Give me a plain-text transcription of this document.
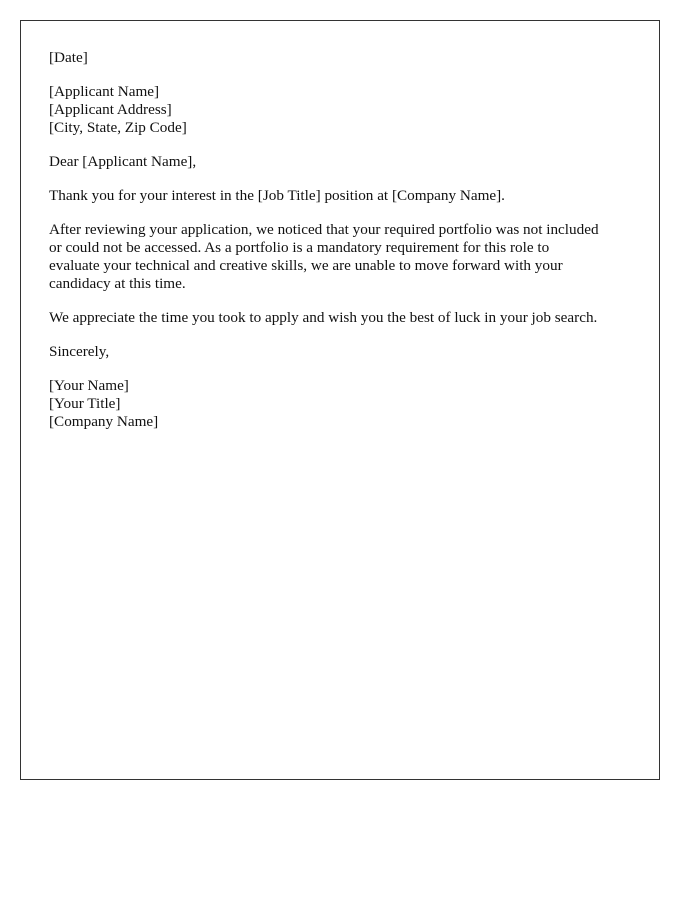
[Date]

[Applicant Name]
[Applicant Address]
[City, State, Zip Code]

Dear [Applicant Name],

Thank you for your interest in the [Job Title] position at [Company Name].

After reviewing your application, we noticed that your required portfolio was not included
or could not be accessed. As a portfolio is a mandatory requirement for this role to
evaluate your technical and creative skills, we are unable to move forward with your
candidacy at this time.

We appreciate the time you took to apply and wish you the best of luck in your job search.

Sincerely,

[Your Name]
[Your Title]
[Company Name]
